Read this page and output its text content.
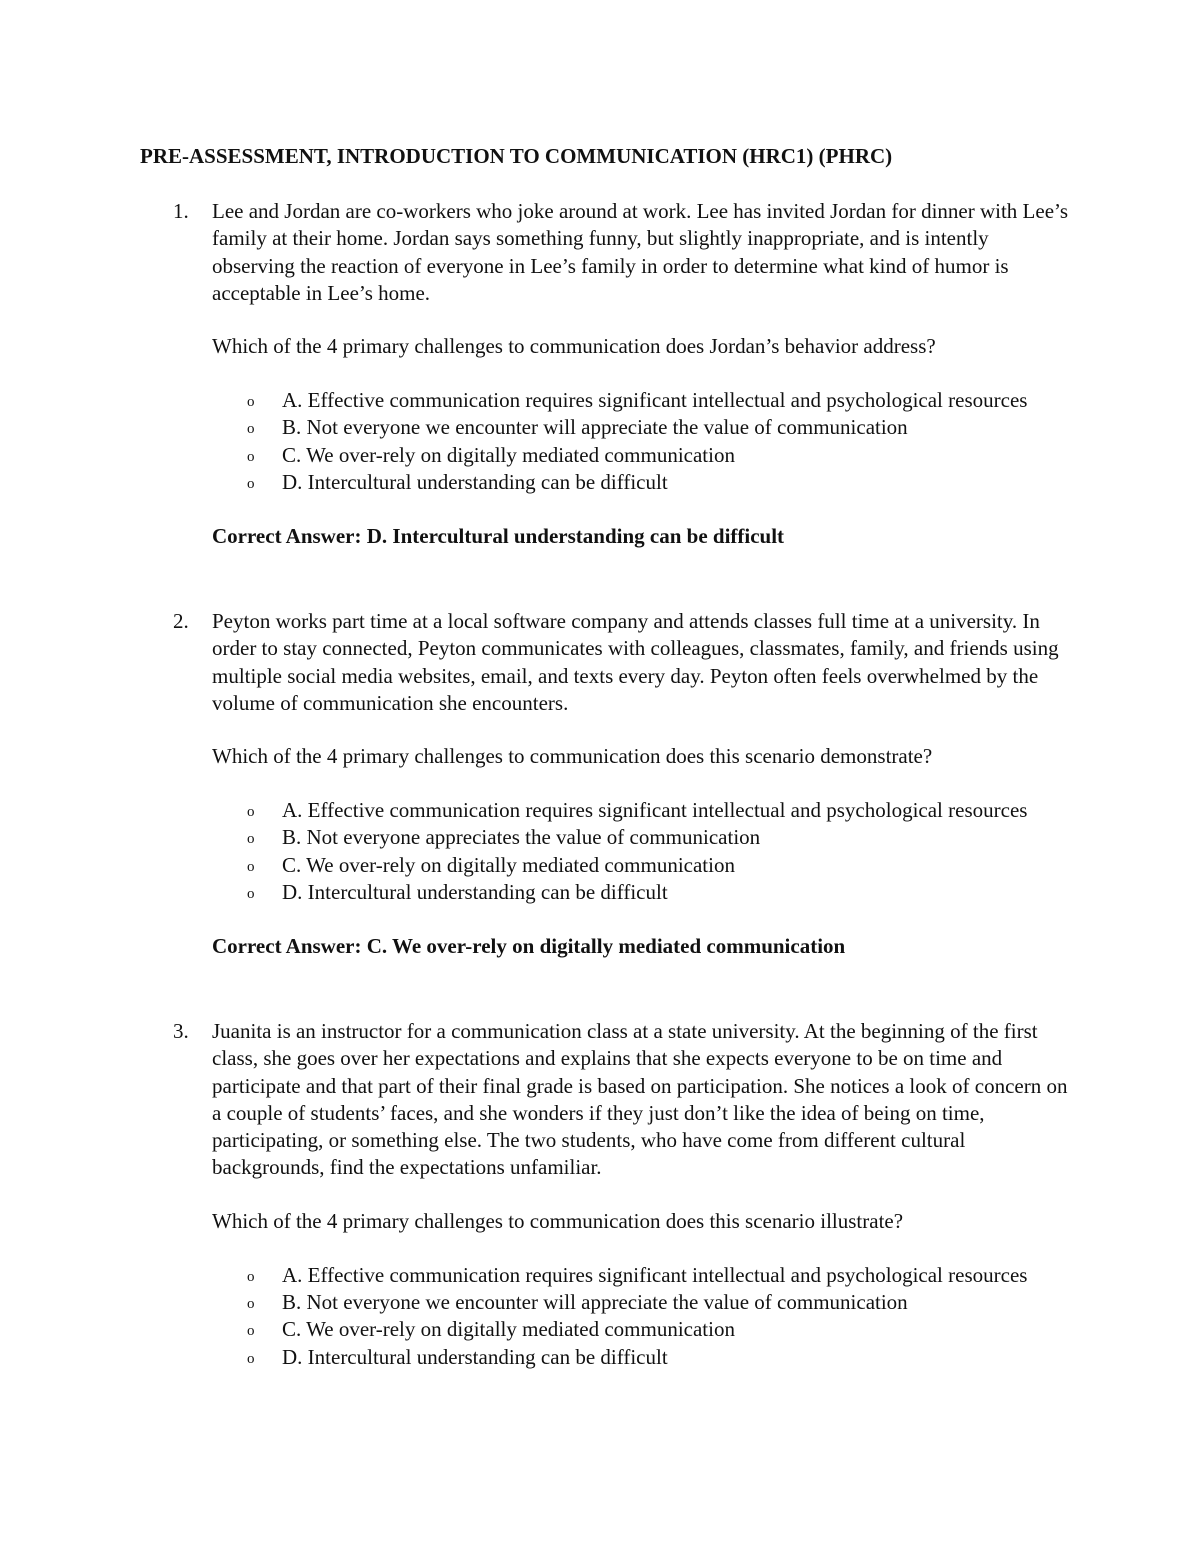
PRE-ASSESSMENT, INTRODUCTION TO COMMUNICATION (HRC1) (PHRC)
1. Lee and Jordan are co-workers who joke around at work. Lee has invited Jordan for dinner with Lee’s family at their home. Jordan says something funny, but slightly inappropriate, and is intently observing the reaction of everyone in Lee’s family in order to determine what kind of humor is acceptable in Lee’s home.

Which of the 4 primary challenges to communication does Jordan’s behavior address?

o A. Effective communication requires significant intellectual and psychological resources
o B. Not everyone we encounter will appreciate the value of communication
o C. We over-rely on digitally mediated communication
o D. Intercultural understanding can be difficult

Correct Answer: D. Intercultural understanding can be difficult

2. Peyton works part time at a local software company and attends classes full time at a university. In order to stay connected, Peyton communicates with colleagues, classmates, family, and friends using multiple social media websites, email, and texts every day. Peyton often feels overwhelmed by the volume of communication she encounters.

Which of the 4 primary challenges to communication does this scenario demonstrate?

o A. Effective communication requires significant intellectual and psychological resources
o B. Not everyone appreciates the value of communication
o C. We over-rely on digitally mediated communication
o D. Intercultural understanding can be difficult

Correct Answer: C. We over-rely on digitally mediated communication

3. Juanita is an instructor for a communication class at a state university. At the beginning of the first class, she goes over her expectations and explains that she expects everyone to be on time and participate and that part of their final grade is based on participation. She notices a look of concern on a couple of students’ faces, and she wonders if they just don’t like the idea of being on time, participating, or something else. The two students, who have come from different cultural backgrounds, find the expectations unfamiliar.

Which of the 4 primary challenges to communication does this scenario illustrate?

o A. Effective communication requires significant intellectual and psychological resources
o B. Not everyone we encounter will appreciate the value of communication
o C. We over-rely on digitally mediated communication
o D. Intercultural understanding can be difficult
